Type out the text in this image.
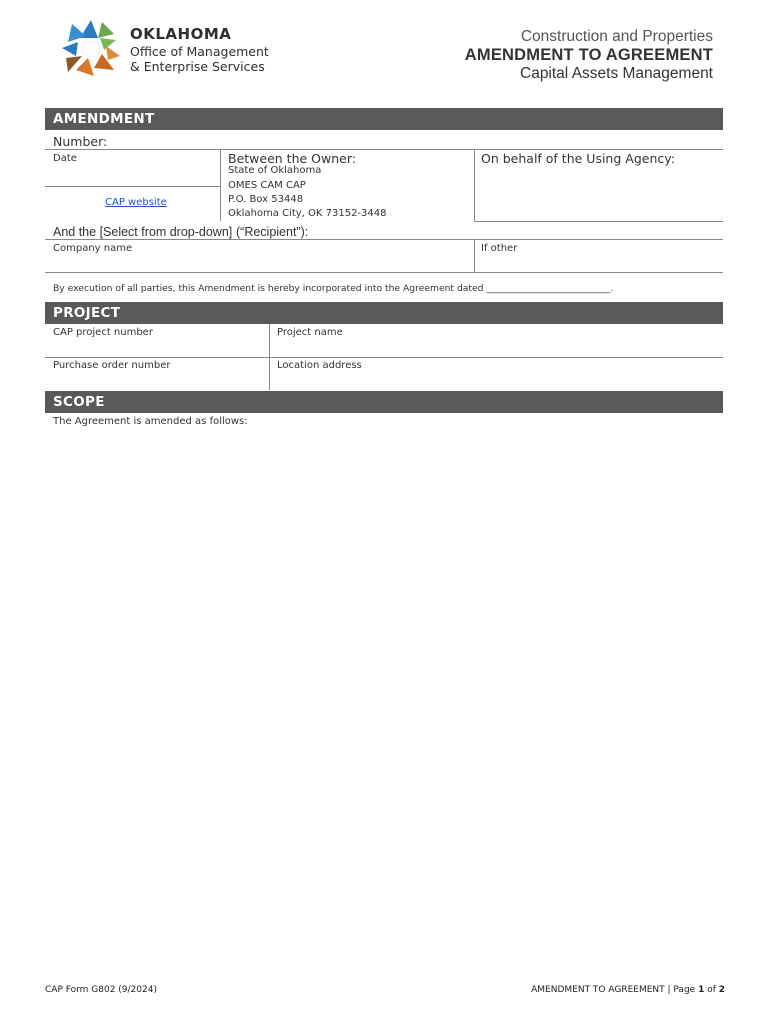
OKLAHOMA
Office of Management
& Enterprise Services
Construction and Properties
AMENDMENT TO AGREEMENT
Capital Assets Management
AMENDMENT
Number:
Date
CAP website
Between the Owner:
State of Oklahoma
OMES CAM CAP
P.O. Box 53448
Oklahoma City, OK 73152-3448
On behalf of the Using Agency:
And the [Select from drop-down] (“Recipient”):
Company name	If other
By execution of all parties, this Amendment is hereby incorporated into the Agreement dated ___________________________.
PROJECT
CAP project number	Project name
Purchase order number	Location address
SCOPE
The Agreement is amended as follows:
CAP Form G802 (9/2024)	AMENDMENT TO AGREEMENT | Page 1 of 2
